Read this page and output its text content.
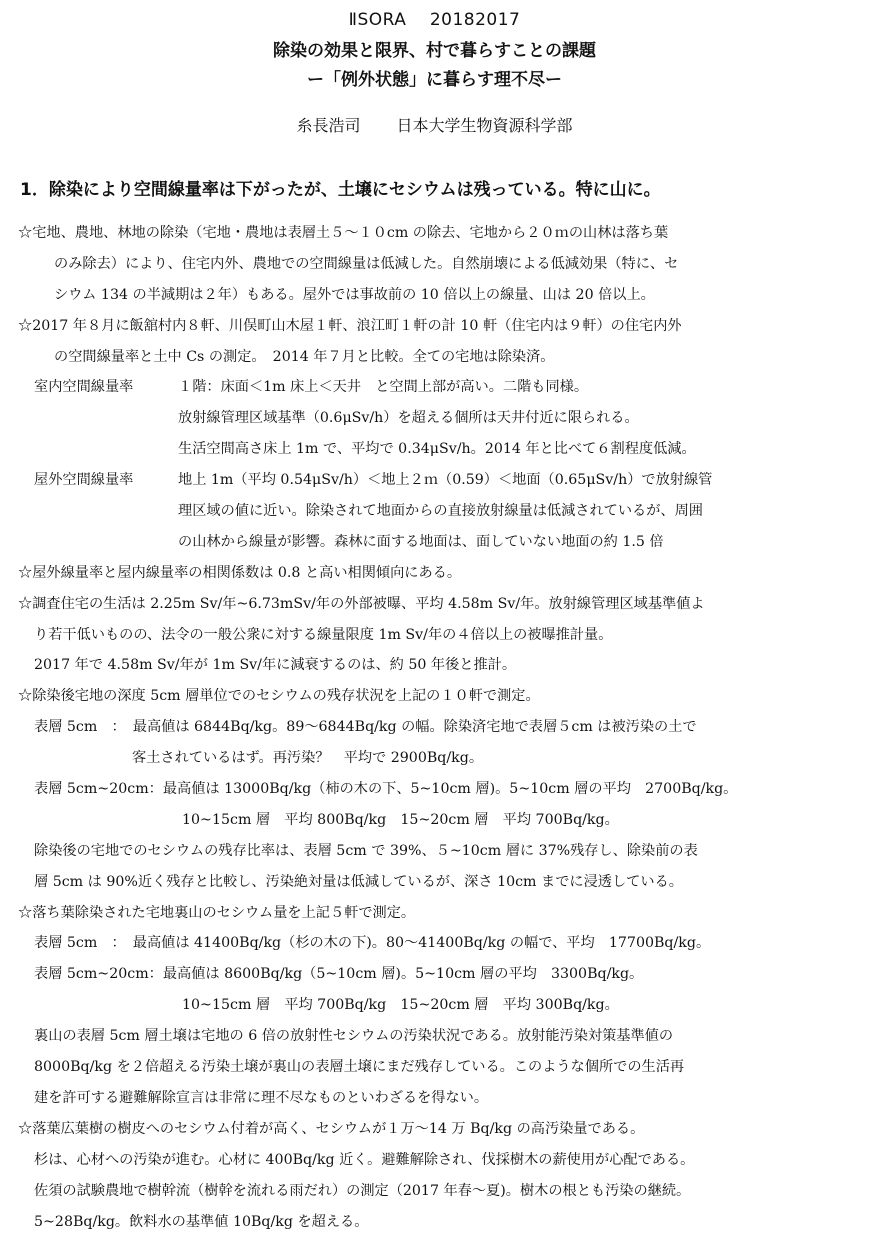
ⅡSORA　 20182017
除染の効果と限界、村で暮らすことの課題
ー「例外状態」に暮らす理不尽ー
糸長浩司 日本大学生物資源科学部
1．除染により空間線量率は下がったが、土壌にセシウムは残っている。特に山に。
☆宅地、農地、林地の除染（宅地・農地は表層土５～１０cm の除去、宅地から２０ｍの山林は落ち葉
のみ除去）により、住宅内外、農地での空間線量は低減した。自然崩壊による低減効果（特に、セ
シウム 134 の半減期は２年）もある。屋外では事故前の 10 倍以上の線量、山は 20 倍以上。
☆2017 年８月に飯舘村内８軒、川俣町山木屋１軒、浪江町１軒の計 10 軒（住宅内は９軒）の住宅内外
の空間線量率と土中 Cs の測定。　2014 年７月と比較。全ての宅地は除染済。
室内空間線量率	１階：床面＜1m 床上＜天井　と空間上部が高い。二階も同様。
放射線管理区域基準（0.6μSv/h）を超える個所は天井付近に限られる。
生活空間高さ床上 1m で、平均で 0.34μSv/h。2014 年と比べて６割程度低減。
屋外空間線量率	地上 1m（平均 0.54μSv/h）＜地上２ｍ（0.59）＜地面（0.65μSv/h）で放射線管
理区域の値に近い。除染されて地面からの直接放射線量は低減されているが、周囲
の山林から線量が影響。森林に面する地面は、面していない地面の約 1.5 倍
☆屋外線量率と屋内線量率の相関係数は 0.8 と高い相関傾向にある。
☆調査住宅の生活は 2.25m Sv/年~6.73mSv/年の外部被曝、平均 4.58m Sv/年。放射線管理区域基準値よ
り若干低いものの、法令の一般公衆に対する線量限度 1m Sv/年の４倍以上の被曝推計量。
2017 年で 4.58m Sv/年が 1m Sv/年に減衰するのは、約 50 年後と推計。
☆除染後宅地の深度 5cm 層単位でのセシウムの残存状況を上記の１０軒で測定。
表層 5cm　：　最高値は 6844Bq/kg。89～6844Bq/kg の幅。除染済宅地で表層５cm は被汚染の土で
客土されているはず。再汚染？　平均で 2900Bq/kg。
表層 5cm~20cm：最高値は 13000Bq/kg（柿の木の下、5~10cm 層)。5~10cm 層の平均　2700Bq/kg。
10~15cm 層　平均 800Bq/kg　15~20cm 層　平均 700Bq/kg。
除染後の宅地でのセシウムの残存比率は、表層 5cm で 39%、５~10cm 層に 37%残存し、除染前の表
層 5cm は 90%近く残存と比較し、汚染絶対量は低減しているが、深さ 10cm までに浸透している。
☆落ち葉除染された宅地裏山のセシウム量を上記５軒で測定。
表層 5cm　：　最高値は 41400Bq/kg（杉の木の下)。80～41400Bq/kg の幅で、平均　17700Bq/kg。
表層 5cm~20cm：最高値は 8600Bq/kg（5~10cm 層)。5~10cm 層の平均　3300Bq/kg。
10~15cm 層　平均 700Bq/kg　15~20cm 層　平均 300Bq/kg。
裏山の表層 5cm 層土壌は宅地の 6 倍の放射性セシウムの汚染状況である。放射能汚染対策基準値の
8000Bq/kg を２倍超える汚染土壌が裏山の表層土壌にまだ残存している。このような個所での生活再
建を許可する避難解除宣言は非常に理不尽なものといわざるを得ない。
☆落葉広葉樹の樹皮へのセシウム付着が高く、セシウムが１万～14 万 Bq/kg の高汚染量である。
杉は、心材への汚染が進む。心材に 400Bq/kg 近く。避難解除され、伐採樹木の薪使用が心配である。
佐須の試験農地で樹幹流（樹幹を流れる雨だれ）の測定（2017 年春～夏)。樹木の根とも汚染の継続。
5~28Bq/kg。飲料水の基準値 10Bq/kg を超える。
